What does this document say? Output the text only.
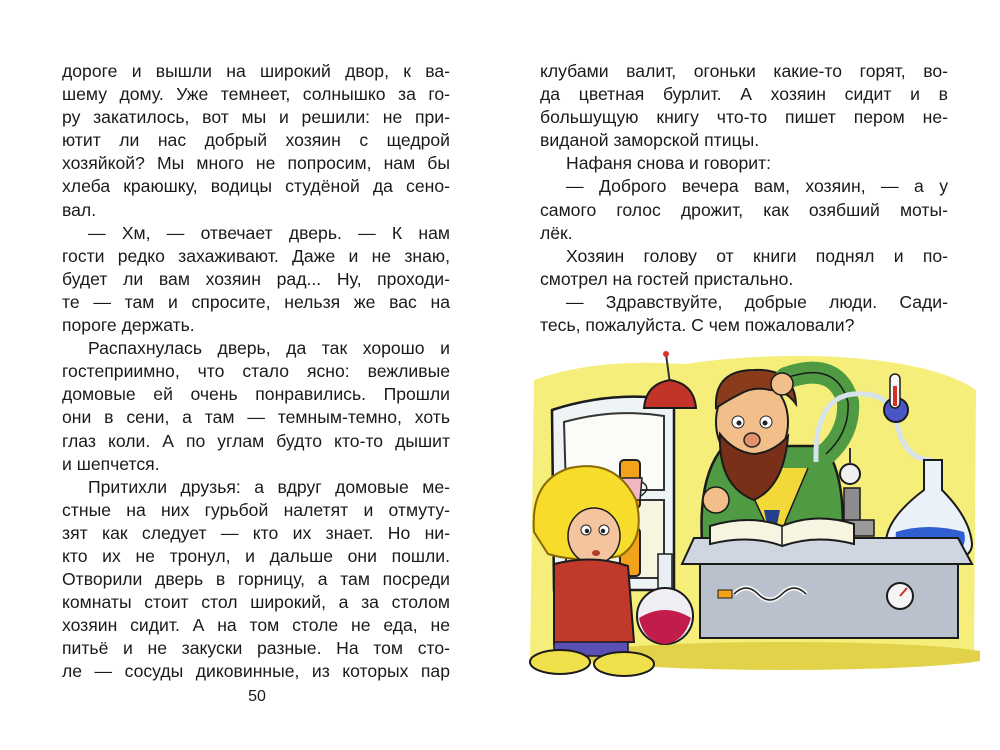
дороге и вышли на широкий двор, к ва-
шему дому. Уже темнеет, солнышко за го-
ру закатилось, вот мы и решили: не при-
ютит ли нас добрый хозяин с щедрой
хозяйкой? Мы много не попросим, нам бы
хлеба краюшку, водицы студёной да сено-
вал.
— Хм, — отвечает дверь. — К нам
гости редко захаживают. Даже и не знаю,
будет ли вам хозяин рад... Ну, проходи-
те — там и спросите, нельзя же вас на
пороге держать.
Распахнулась дверь, да так хорошо и
гостеприимно, что стало ясно: вежливые
домовые ей очень понравились. Прошли
они в сени, а там — темным-темно, хоть
глаз коли. А по углам будто кто-то дышит
и шепчется.
Притихли друзья: а вдруг домовые ме-
стные на них гурьбой налетят и отмуту-
зят как следует — кто их знает. Но ни-
кто их не тронул, и дальше они пошли.
Отворили дверь в горницу, а там посреди
комнаты стоит стол широкий, а за столом
хозяин сидит. А на том столе не еда, не
питьё и не закуски разные. На том сто-
ле — сосуды диковинные, из которых пар
50
клубами валит, огоньки какие-то горят, во-
да цветная бурлит. А хозяин сидит и в
большущую книгу что-то пишет пером не-
виданой заморской птицы.
Нафаня снова и говорит:
— Доброго вечера вам, хозяин, — а у
самого голос дрожит, как озябший моты-
лёк.
Хозяин голову от книги поднял и по-
смотрел на гостей пристально.
— Здравствуйте, добрые люди. Сади-
тесь, пожалуйста. С чем пожаловали?
